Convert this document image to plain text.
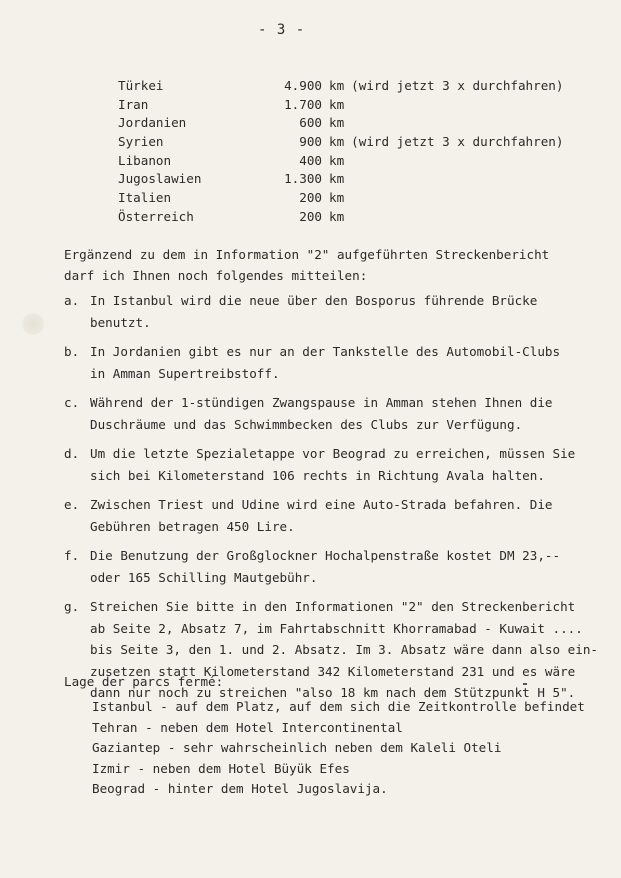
- 3 -
Türkei	4.900 km (wird jetzt 3 x durchfahren)
Iran	1.700 km
Jordanien	600 km
Syrien	900 km (wird jetzt 3 x durchfahren)
Libanon	400 km
Jugoslawien	1.300 km
Italien	200 km
Österreich	200 km
Ergänzend zu dem in Information "2" aufgeführten Streckenbericht
darf ich Ihnen noch folgendes mitteilen:
a. In Istanbul wird die neue über den Bosporus führende Brücke
benutzt.
b. In Jordanien gibt es nur an der Tankstelle des Automobil-Clubs
in Amman Supertreibstoff.
c. Während der 1-stündigen Zwangspause in Amman stehen Ihnen die
Duschräume und das Schwimmbecken des Clubs zur Verfügung.
d. Um die letzte Spezialetappe vor Beograd zu erreichen, müssen Sie
sich bei Kilometerstand 106 rechts in Richtung Avala halten.
e. Zwischen Triest und Udine wird eine Auto-Strada befahren. Die
Gebühren betragen 450 Lire.
f. Die Benutzung der Großglockner Hochalpenstraße kostet DM 23,--
oder 165 Schilling Mautgebühr.
g. Streichen Sie bitte in den Informationen "2" den Streckenbericht
ab Seite 2, Absatz 7, im Fahrtabschnitt Khorramabad - Kuwait ....
bis Seite 3, den 1. und 2. Absatz. Im 3. Absatz wäre dann also ein-
zusetzen statt Kilometerstand 342 Kilometerstand 231 und es wäre
dann nur noch zu streichen "also 18 km nach dem Stützpunkt H 5".
Lage der parcs fermé:
Istanbul - auf dem Platz, auf dem sich die Zeitkontrolle befindet
Tehran - neben dem Hotel Intercontinental
Gaziantep - sehr wahrscheinlich neben dem Kaleli Oteli
Izmir - neben dem Hotel Büyük Efes
Beograd - hinter dem Hotel Jugoslavija.
